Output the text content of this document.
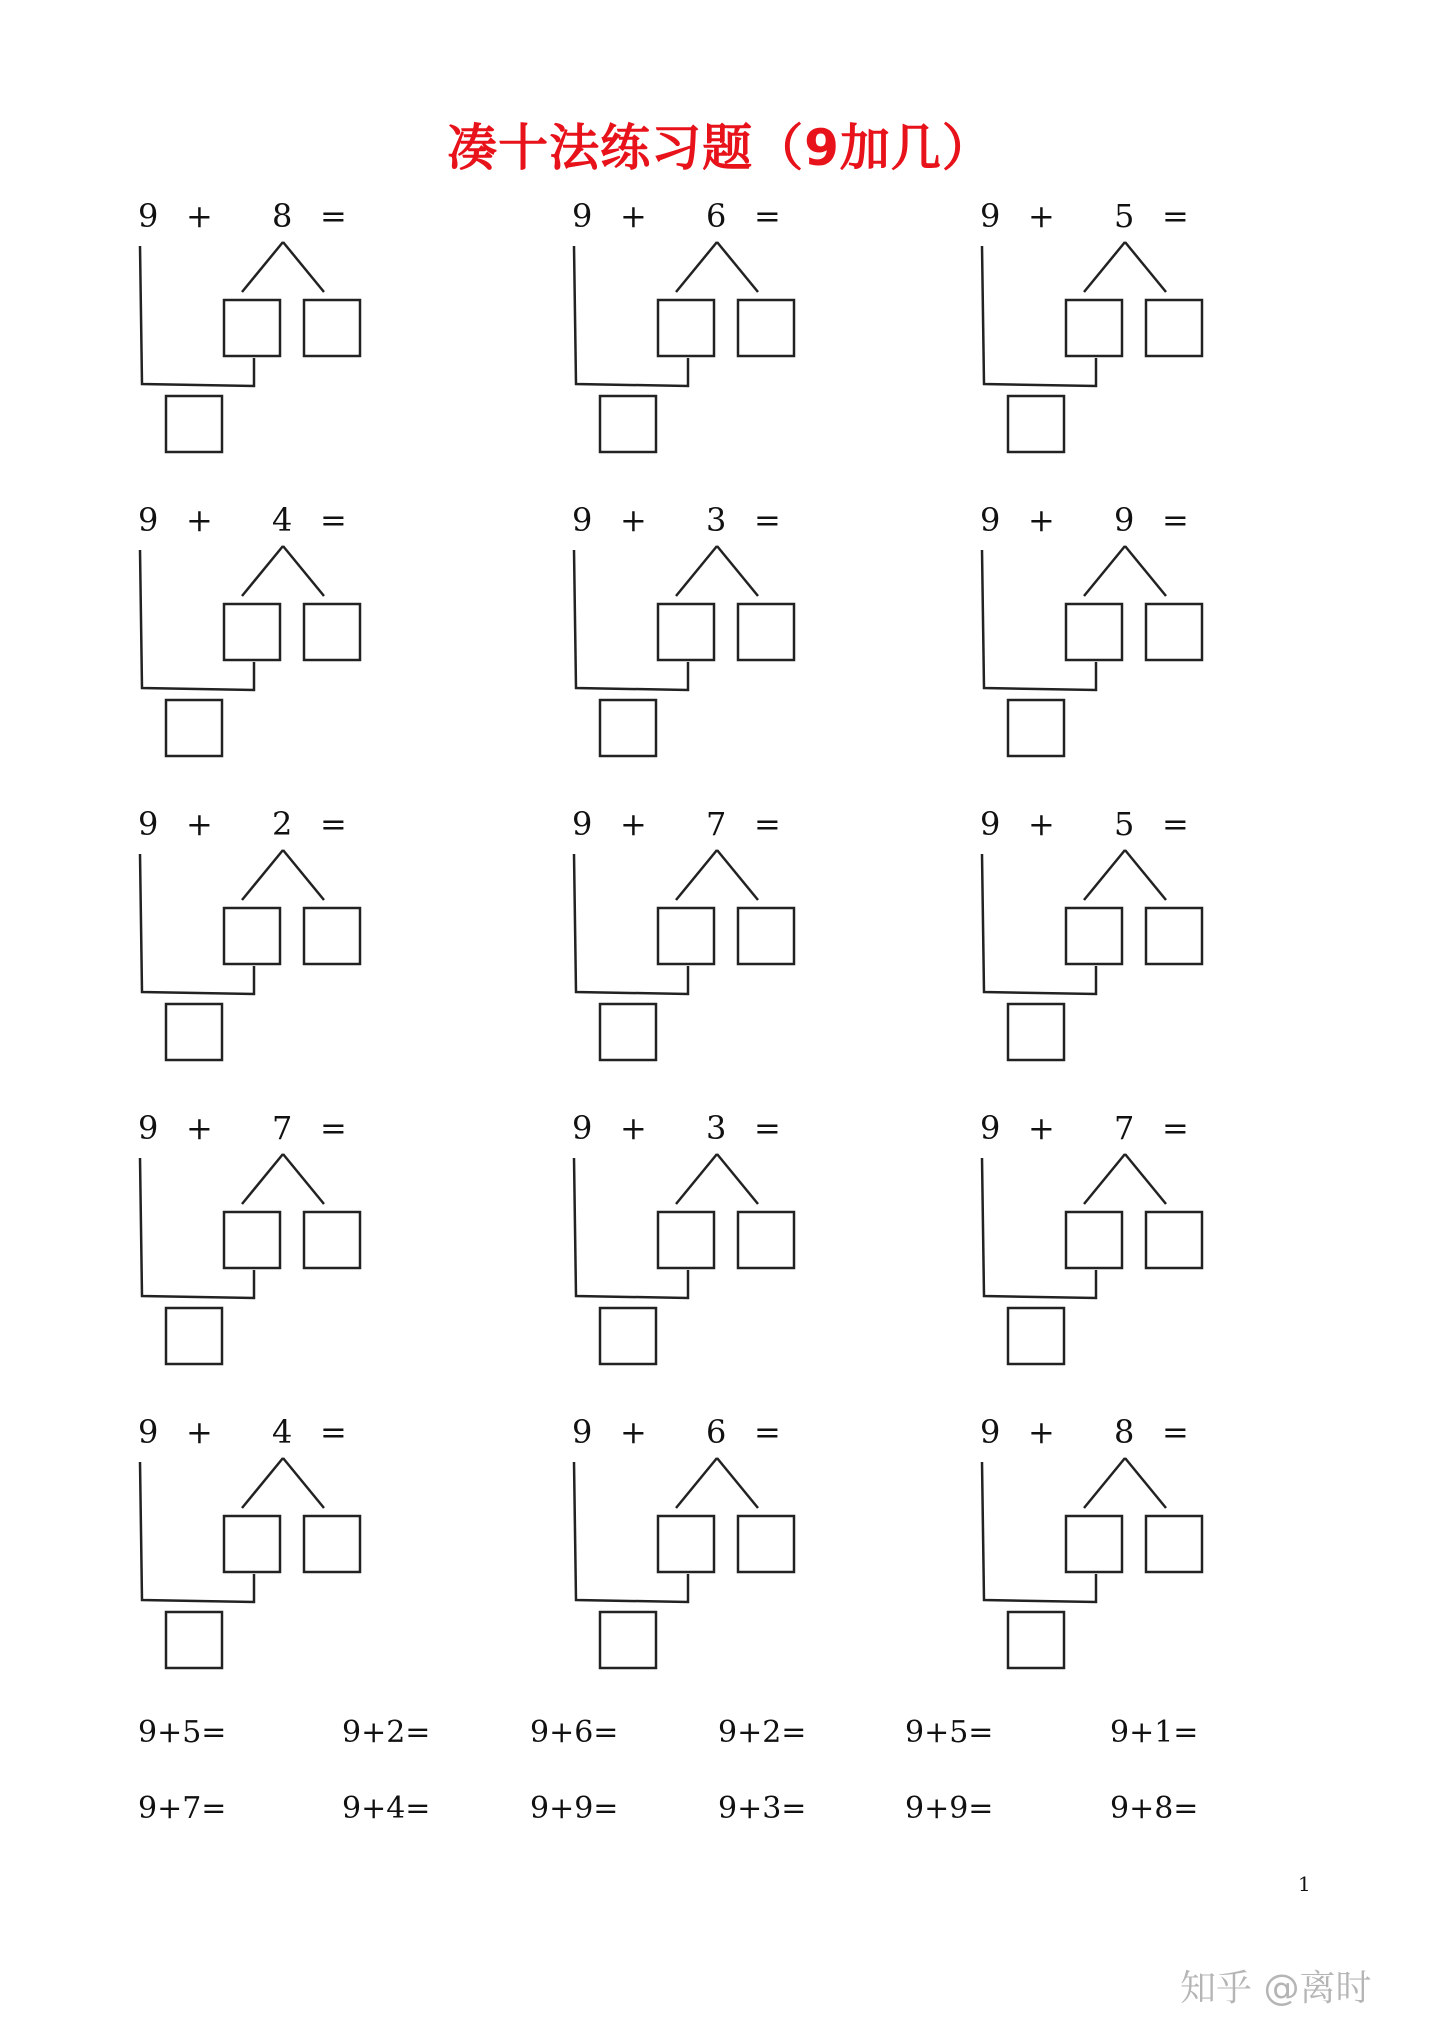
凑十法练习题（9加几）
9 + 8 =	9 + 6 =	9 + 5 =
9 + 4 =	9 + 3 =	9 + 9 =
9 + 2 =	9 + 7 =	9 + 5 =
9 + 7 =	9 + 3 =	9 + 7 =
9 + 4 =	9 + 6 =	9 + 8 =
9+5=	9+2=	9+6=	9+2=	9+5=	9+1=
9+7=	9+4=	9+9=	9+3=	9+9=	9+8=
1
知乎 @离时
